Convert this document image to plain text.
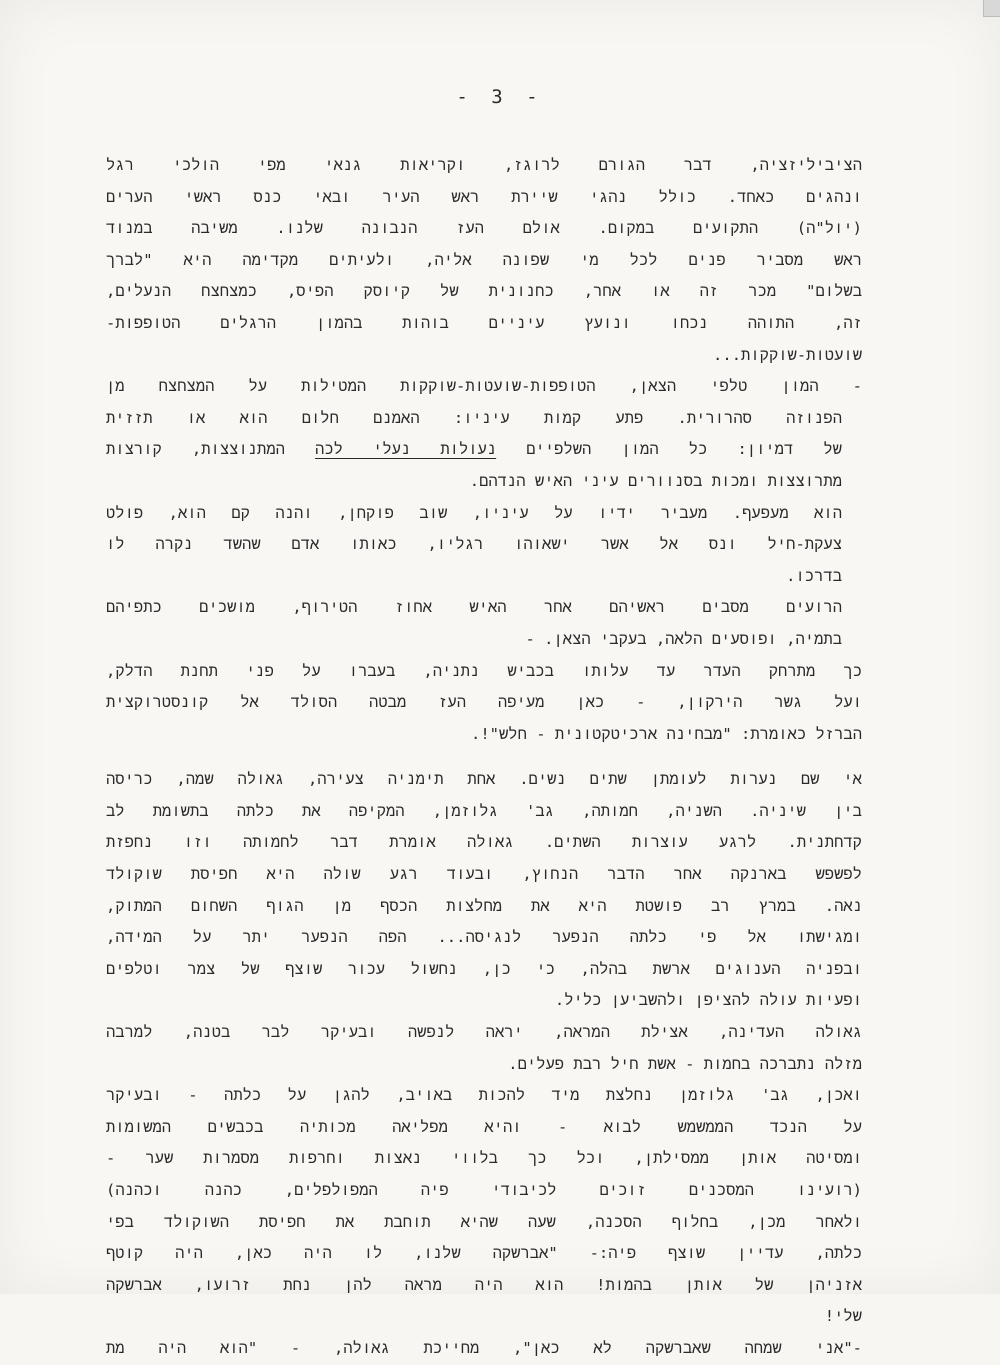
- 3 -
הציביליזציה, דבר הגורם לרוגז, וקריאות גנאי מפי הולכי רגל
ונהגים כאחד. כולל נהגי שיירת ראש העיר ובאי כנס ראשי הערים
(יול"ה) התקועים במקום. אולם העז הנבונה שלנו. משיבה במנוד
ראש מסביר פנים לכל מי שפונה אליה, ולעיתים מקדימה היא "לברך
בשלום" מכר זה או אחר, כחנונית של קיוסק הפיס, כמצחצח הנעלים,
זה, התוהה נכחו ונועץ עיניים בוהות בהמון הרגלים הטופפות-
שועטות-שוקקות...
- המון טלפי הצאן, הטופפות-שועטות-שוקקות המטילות על המצחצח מן
הפנוזה סהרורית. פתע קמות עיניו: האמנם חלום הוא או תזזית
של דמיון: כל המון השלפיים נעולות נעלי לכה המתנוצצות, קורצות
מתרוצצות ומכות בסנוורים עיני האיש הנדהם.
הוא מעפעף. מעביר ידיו על עיניו, שוב פוקחן, והנה קם הוא, פולט
צעקת-חיל ונס אל אשר ישאוהו רגליו, כאותו אדם שהשד נקרה לו
בדרכו.
הרועים מסבים ראשיהם אחר האיש אחוז הטירוף, מושכים כתפיהם
בתמיה, ופוסעים הלאה, בעקבי הצאן. -
כך מתרחק העדר עד עלותו בכביש נתניה, בעברו על פני תחנת הדלק,
ועל גשר הירקון, - כאן מעיפה העז מבטה הסולד אל קונסטרוקצית
הברזל כאומרת: "מבחינה ארכיטקטונית - חלש"!.
אי שם נערות לעומתן שתים נשים. אחת תימניה צעירה, גאולה שמה, כריסה
בין שיניה. השניה, חמותה, גב' גלוזמן, המקיפה את כלתה בתשומת לב
קדחתנית. לרגע עוצרות השתים. גאולה אומרת דבר לחמותה וזו נחפזת
לפשפש בארנקה אחר הדבר הנחוץ, ובעוד רגע שולה היא חפיסת שוקולד
נאה. במרץ רב פושטת היא את מחלצות הכסף מן הגוף השחום המתוק,
ומגישתו אל פי כלתה הנפער לנגיסה... הפה הנפער יתר על המידה,
ובפניה הענוגים ארשת בהלה, כי כן, נחשול עכור שוצף של צמר וטלפים
ופעיות עולה להציפן ולהשביען כליל.
גאולה העדינה, אצילת המראה, יראה לנפשה ובעיקר לבר בטנה, למרבה
מזלה נתברכה בחמות - אשת חיל רבת פעלים.
ואכן, גב' גלוזמן נחלצת מיד להכות באויב, להגן על כלתה - ובעיקר
על הנכד הממשמש לבוא - והיא מפליאה מכותיה בכבשים המשומות
ומסיטה אותן ממסילתן, וכל כך בלווי נאצות וחרפות מסמרות שער -
(רועינו המסכנים זוכים לכיבודי פיה המפולפלים, כהנה וכהנה)
ולאחר מכן, בחלוף הסכנה, שעה שהיא תוחבת את חפיסת השוקולד בפי
כלתה, עדיין שוצף פיה:- "אברשקה שלנו, לו היה כאן, היה קוטף
אזניהן של אותן בהמות! הוא היה מראה להן נחת זרועו, אברשקה
שלי!
-"אני שמחה שאברשקה לא כאן", מחייכת גאולה, - "הוא היה מת
